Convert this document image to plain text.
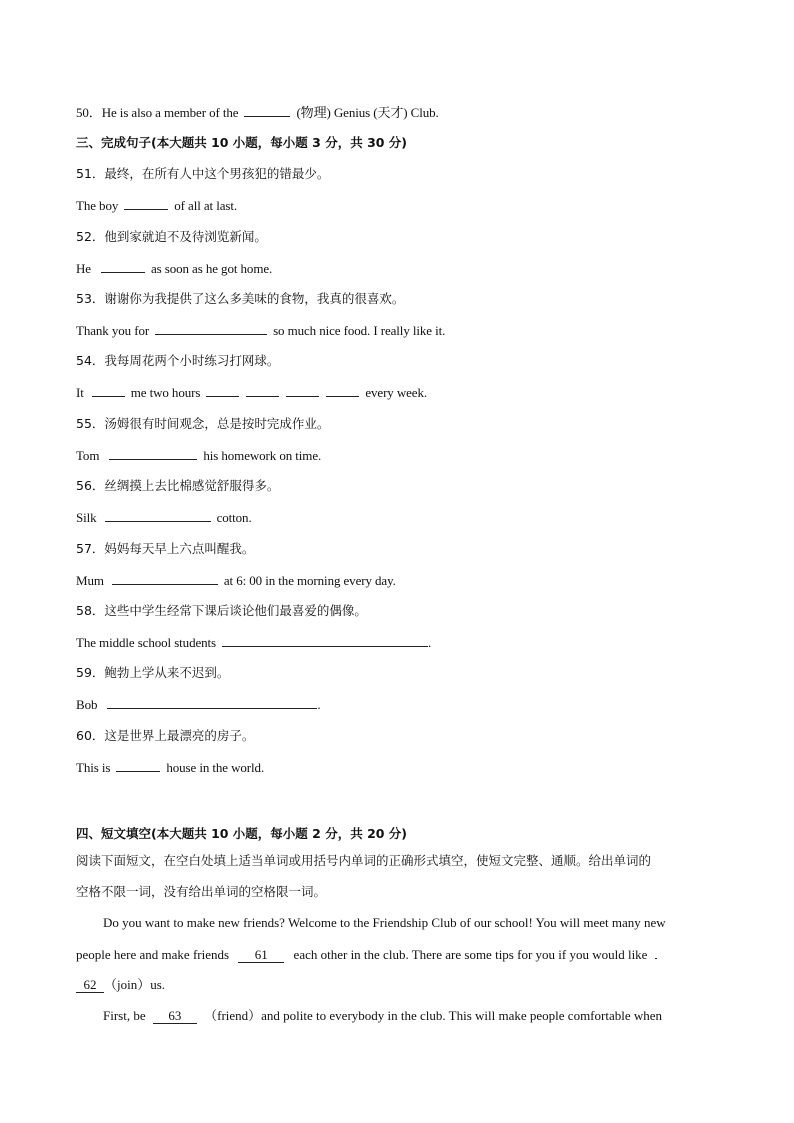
50．He is also a member of the	(物理) Genius (天才) Club.
三、完成句子(本大题共 10 小题，每小题 3 分，共 30 分)
51．最终，在所有人中这个男孩犯的错最少。
The boy	of all at last.
52．他到家就迫不及待浏览新闻。
He	as soon as he got home.
53．谢谢你为我提供了这么多美味的食物，我真的很喜欢。
Thank you for	so much nice food. I really like it.
54．我每周花两个小时练习打网球。
It	me two hours	every week.
55．汤姆很有时间观念，总是按时完成作业。
Tom	his homework on time.
56．丝绸摸上去比棉感觉舒服得多。
Silk	cotton.
57．妈妈每天早上六点叫醒我。
Mum	at 6: 00 in the morning every day.
58．这些中学生经常下课后谈论他们最喜爱的偶像。
The middle school students	.
59．鲍勃上学从来不迟到。
Bob	.
60．这是世界上最漂亮的房子。
This is	house in the world.
四、短文填空(本大题共 10 小题，每小题 2 分，共 20 分)
阅读下面短文，在空白处填上适当单词或用括号内单词的正确形式填空，使短文完整、通顺。给出单词的
空格不限一词，没有给出单词的空格限一词。
Do you want to make new friends? Welcome to the Friendship Club of our school! You will meet many new
people here and make friends 61 each other in the club. There are some tips for you if you would like
62 （join）us.
First, be 63 （friend）and polite to everybody in the club. This will make people comfortable when
